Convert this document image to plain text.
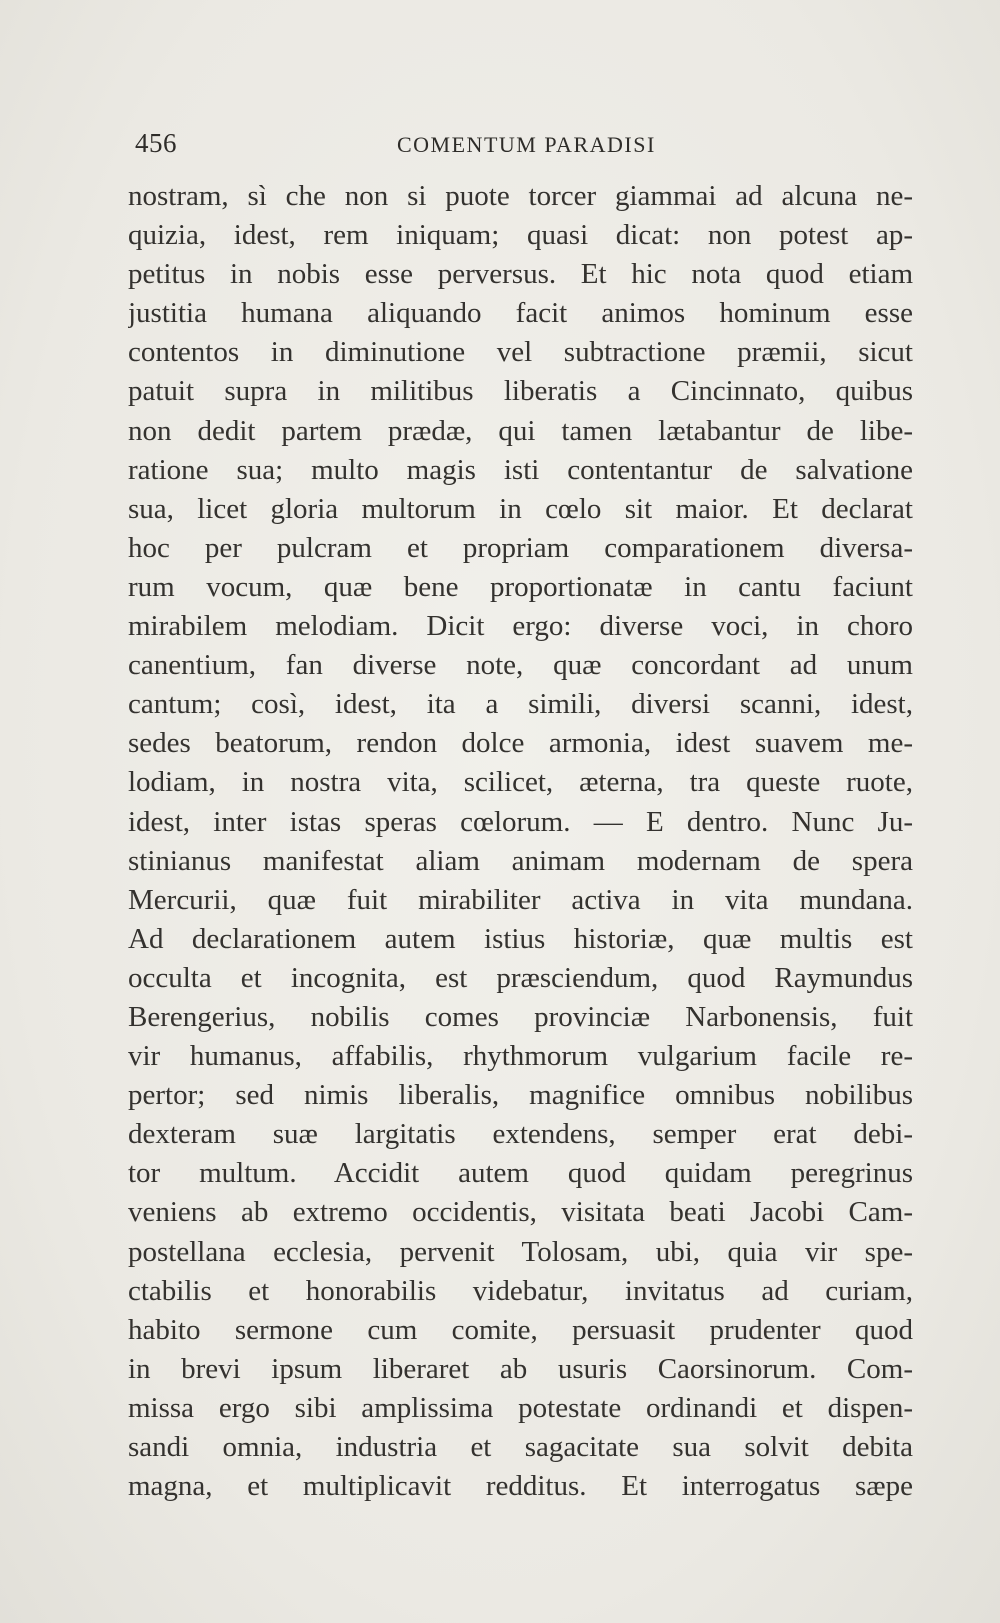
456	COMENTUM PARADISI
nostram, sì che non si puote torcer giammai ad alcuna ne-
quizia, idest, rem iniquam; quasi dicat: non potest ap-
petitus in nobis esse perversus. Et hic nota quod etiam
justitia humana aliquando facit animos hominum esse
contentos in diminutione vel subtractione præmii, sicut
patuit supra in militibus liberatis a Cincinnato, quibus
non dedit partem prædæ, qui tamen lætabantur de libe-
ratione sua; multo magis isti contentantur de salvatione
sua, licet gloria multorum in cœlo sit maior. Et declarat
hoc per pulcram et propriam comparationem diversa-
rum vocum, quæ bene proportionatæ in cantu faciunt
mirabilem melodiam. Dicit ergo: diverse voci, in choro
canentium, fan diverse note, quæ concordant ad unum
cantum; così, idest, ita a simili, diversi scanni, idest,
sedes beatorum, rendon dolce armonia, idest suavem me-
lodiam, in nostra vita, scilicet, æterna, tra queste ruote,
idest, inter istas speras cœlorum. — E dentro. Nunc Ju-
stinianus manifestat aliam animam modernam de spera
Mercurii, quæ fuit mirabiliter activa in vita mundana.
Ad declarationem autem istius historiæ, quæ multis est
occulta et incognita, est præsciendum, quod Raymundus
Berengerius, nobilis comes provinciæ Narbonensis, fuit
vir humanus, affabilis, rhythmorum vulgarium facile re-
pertor; sed nimis liberalis, magnifice omnibus nobilibus
dexteram suæ largitatis extendens, semper erat debi-
tor multum. Accidit autem quod quidam peregrinus
veniens ab extremo occidentis, visitata beati Jacobi Cam-
postellana ecclesia, pervenit Tolosam, ubi, quia vir spe-
ctabilis et honorabilis videbatur, invitatus ad curiam,
habito sermone cum comite, persuasit prudenter quod
in brevi ipsum liberaret ab usuris Caorsinorum. Com-
missa ergo sibi amplissima potestate ordinandi et dispen-
sandi omnia, industria et sagacitate sua solvit debita
magna, et multiplicavit redditus. Et interrogatus sæpe
